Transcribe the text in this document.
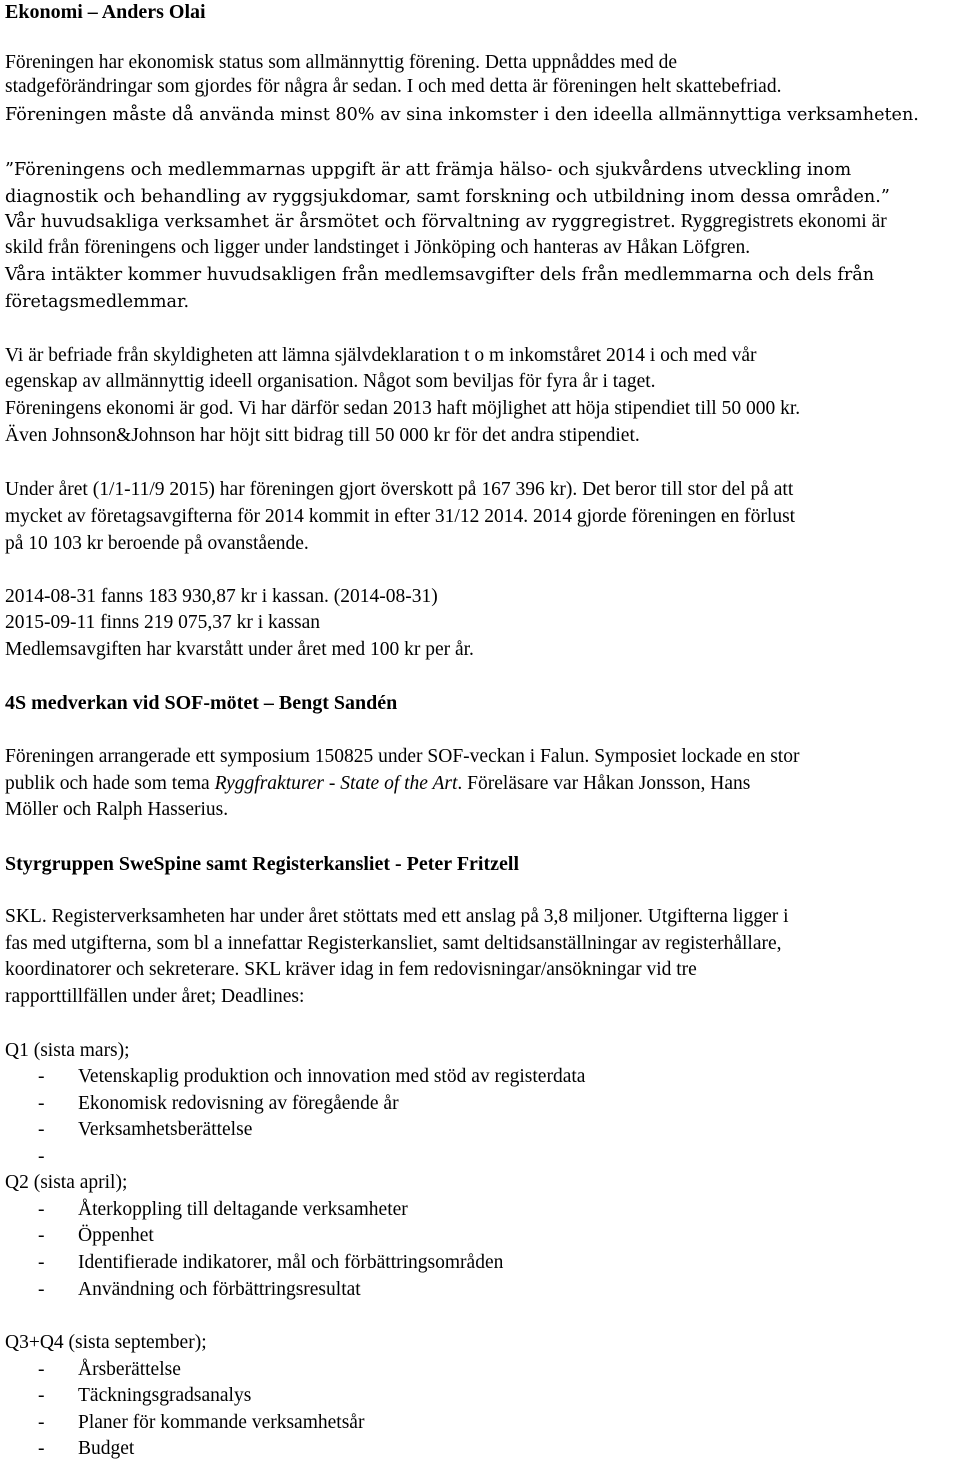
Ekonomi – Anders Olai
Föreningen har ekonomisk status som allmännyttig förening. Detta uppnåddes med de
stadgeförändringar som gjordes för några år sedan. I och med detta är föreningen helt skattebefriad.
Föreningen måste då använda minst 80% av sina inkomster i den ideella allmännyttiga verksamheten.
”Föreningens och medlemmarnas uppgift är att främja hälso- och sjukvårdens utveckling inom
diagnostik och behandling av ryggsjukdomar, samt forskning och utbildning inom dessa områden.”
Vår huvudsakliga verksamhet är årsmötet och förvaltning av ryggregistret. Ryggregistrets ekonomi är
skild från föreningens och ligger under landstinget i Jönköping och hanteras av Håkan Löfgren.
Våra intäkter kommer huvudsakligen från medlemsavgifter dels från medlemmarna och dels från
företagsmedlemmar.
Vi är befriade från skyldigheten att lämna självdeklaration t o m inkomståret 2014 i och med vår
egenskap av allmännyttig ideell organisation. Något som beviljas för fyra år i taget.
Föreningens ekonomi är god. Vi har därför sedan 2013 haft möjlighet att höja stipendiet till 50 000 kr.
Även Johnson&Johnson har höjt sitt bidrag till 50 000 kr för det andra stipendiet.
Under året (1/1-11/9 2015) har föreningen gjort överskott på 167 396 kr). Det beror till stor del på att
mycket av företagsavgifterna för 2014 kommit in efter 31/12 2014. 2014 gjorde föreningen en förlust
på 10 103 kr beroende på ovanstående.
2014-08-31 fanns 183 930,87 kr i kassan. (2014-08-31)
2015-09-11 finns 219 075,37 kr i kassan
Medlemsavgiften har kvarstått under året med 100 kr per år.
4S medverkan vid SOF-mötet – Bengt Sandén
Föreningen arrangerade ett symposium 150825 under SOF-veckan i Falun. Symposiet lockade en stor
publik och hade som tema Ryggfrakturer - State of the Art. Föreläsare var Håkan Jonsson, Hans
Möller och Ralph Hasserius.
Styrgruppen SweSpine samt Registerkansliet - Peter Fritzell
SKL. Registerverksamheten har under året stöttats med ett anslag på 3,8 miljoner. Utgifterna ligger i
fas med utgifterna, som bl a innefattar Registerkansliet, samt deltidsanställningar av registerhållare,
koordinatorer och sekreterare. SKL kräver idag in fem redovisningar/ansökningar vid tre
rapporttillfällen under året; Deadlines:
Q1 (sista mars);
- Vetenskaplig produktion och innovation med stöd av registerdata
- Ekonomisk redovisning av föregående år
- Verksamhetsberättelse
-
Q2 (sista april);
- Återkoppling till deltagande verksamheter
- Öppenhet
- Identifierade indikatorer, mål och förbättringsområden
- Användning och förbättringsresultat
Q3+Q4 (sista september);
- Årsberättelse
- Täckningsgradsanalys
- Planer för kommande verksamhetsår
- Budget
